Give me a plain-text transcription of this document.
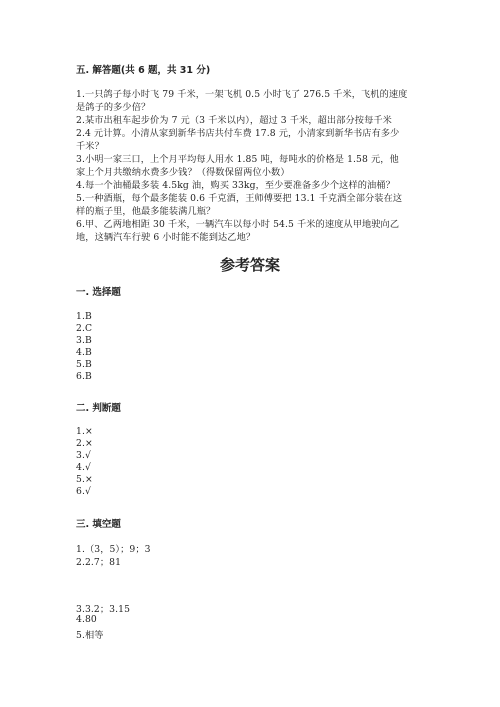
五. 解答题(共 6 题，共 31 分)
1.一只鸽子每小时飞 79 千米，一架飞机 0.5 小时飞了 276.5 千米，飞机的速度
是鸽子的多少倍？
2.某市出租车起步价为 7 元（3 千米以内），超过 3 千米，超出部分按每千米
2.4 元计算。小清从家到新华书店共付车费 17.8 元，小清家到新华书店有多少
千米？
3.小明一家三口，上个月平均每人用水 1.85 吨，每吨水的价格是 1.58 元，他
家上个月共缴纳水费多少钱？（得数保留两位小数）
4.每一个油桶最多装 4.5kg 油，购买 33kg，至少要准备多少个这样的油桶？
5.一种酒瓶，每个最多能装 0.6 千克酒，王师傅要把 13.1 千克酒全部分装在这
样的瓶子里，他最多能装满几瓶？
6.甲、乙两地相距 30 千米，一辆汽车以每小时 54.5 千米的速度从甲地驶向乙
地，这辆汽车行驶 6 小时能不能到达乙地？
参考答案
一. 选择题
1.B
2.C
3.B
4.B
5.B
6.B
二. 判断题
1.×
2.×
3.√
4.√
5.×
6.√
三. 填空题
1.（3，5）；9；3
2.2.7；81
3.3.2；3.15
4.80
5.相等
